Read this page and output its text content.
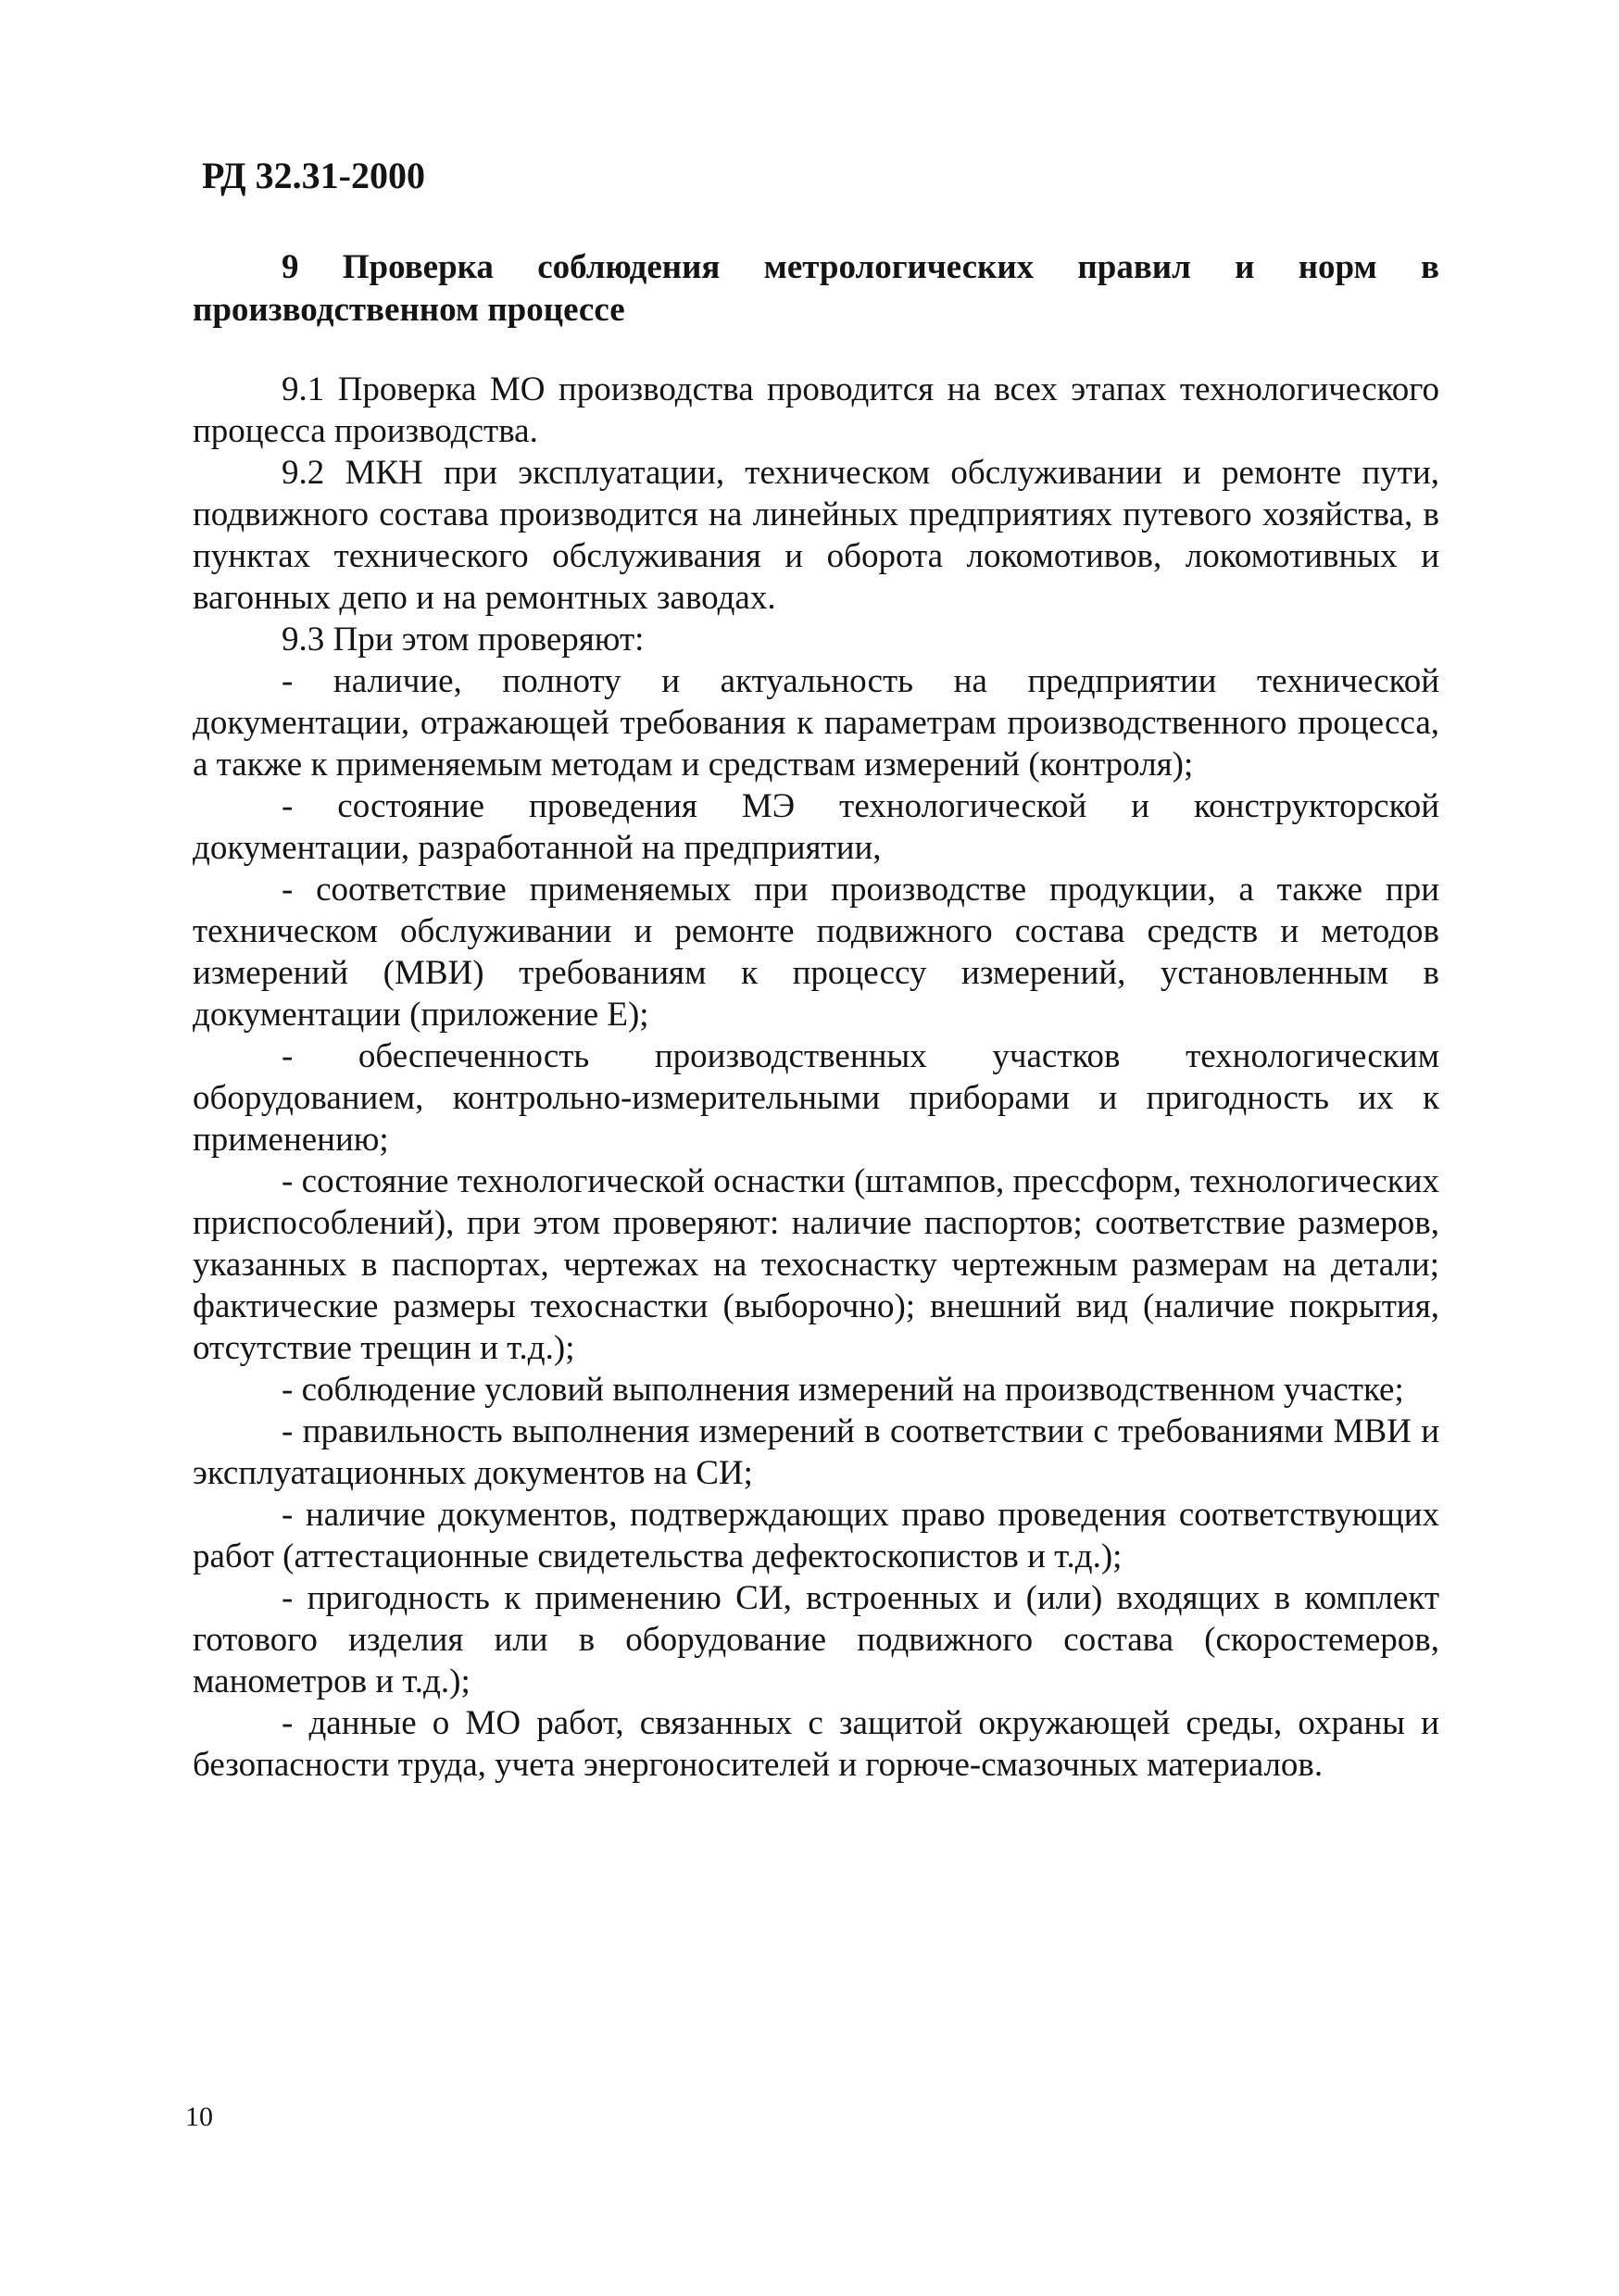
РД 32.31-2000

9 Проверка соблюдения метрологических правил и норм в производственном процессе

9.1 Проверка МО производства проводится на всех этапах технологического процесса производства.

9.2 МКН при эксплуатации, техническом обслуживании и ремонте пути, подвижного состава производится на линейных предприятиях путевого хозяйства, в пунктах технического обслуживания и оборота локомотивов, локомотивных и вагонных депо и на ремонтных заводах.

9.3 При этом проверяют:

- наличие, полноту и актуальность на предприятии технической документации, отражающей требования к параметрам производственного процесса, а также к применяемым методам и средствам измерений (контроля);

- состояние проведения МЭ технологической и конструкторской документации, разработанной на предприятии,

- соответствие применяемых при производстве продукции, а также при техническом обслуживании и ремонте подвижного состава средств и методов измерений (МВИ) требованиям к процессу измерений, установленным в документации (приложение Е);

- обеспеченность производственных участков технологическим оборудованием, контрольно-измерительными приборами и пригодность их к применению;

- состояние технологической оснастки (штампов, прессформ, технологических приспособлений), при этом проверяют: наличие паспортов; соответствие размеров, указанных в паспортах, чертежах на техоснастку чертежным размерам на детали; фактические размеры техоснастки (выборочно); внешний вид (наличие покрытия, отсутствие трещин и т.д.);

- соблюдение условий выполнения измерений на производственном участке;

- правильность выполнения измерений в соответствии с требованиями МВИ и эксплуатационных документов на СИ;

- наличие документов, подтверждающих право проведения соответствующих работ (аттестационные свидетельства дефектоскопистов и т.д.);

- пригодность к применению СИ, встроенных и (или) входящих в комплект готового изделия или в оборудование подвижного состава (скоростемеров, манометров и т.д.);

- данные о МО работ, связанных с защитой окружающей среды, охраны и безопасности труда, учета энергоносителей и горюче-смазочных материалов.

10
